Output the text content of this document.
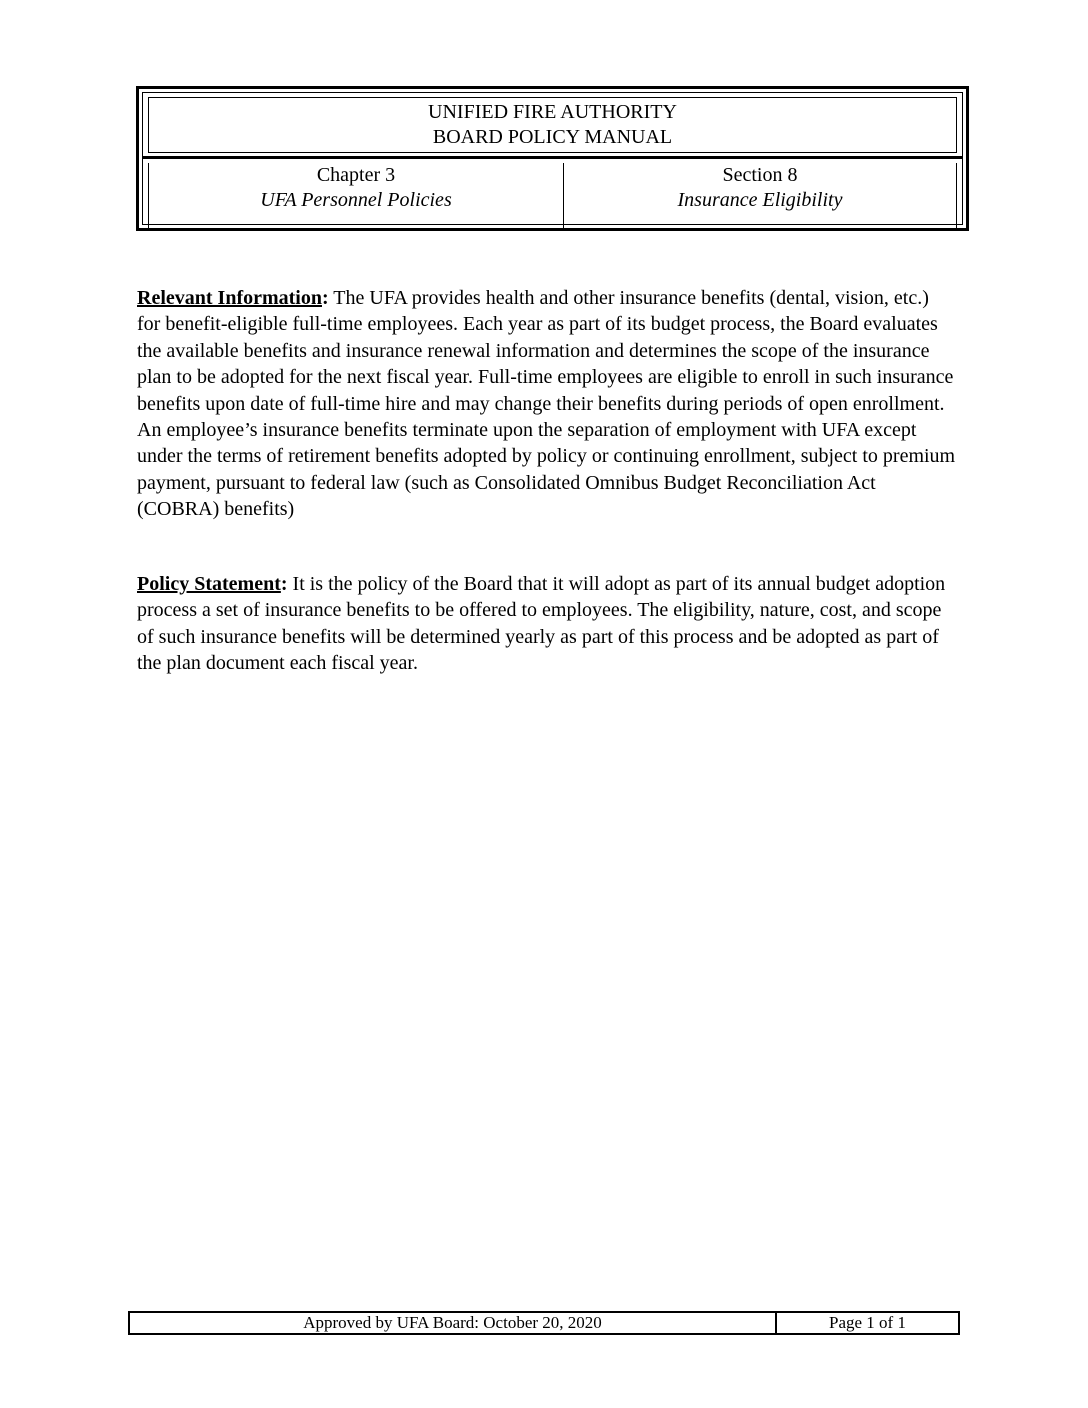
UNIFIED FIRE AUTHORITY
BOARD POLICY MANUAL
Chapter 3
UFA Personnel Policies
Section 8
Insurance Eligibility
Relevant Information: The UFA provides health and other insurance benefits (dental, vision, etc.) for benefit-eligible full-time employees. Each year as part of its budget process, the Board evaluates the available benefits and insurance renewal information and determines the scope of the insurance plan to be adopted for the next fiscal year. Full-time employees are eligible to enroll in such insurance benefits upon date of full-time hire and may change their benefits during periods of open enrollment. An employee’s insurance benefits terminate upon the separation of employment with UFA except under the terms of retirement benefits adopted by policy or continuing enrollment, subject to premium payment, pursuant to federal law (such as Consolidated Omnibus Budget Reconciliation Act (COBRA) benefits)
Policy Statement: It is the policy of the Board that it will adopt as part of its annual budget adoption process a set of insurance benefits to be offered to employees. The eligibility, nature, cost, and scope of such insurance benefits will be determined yearly as part of this process and be adopted as part of the plan document each fiscal year.
Approved by UFA Board: October 20, 2020	Page 1 of 1
